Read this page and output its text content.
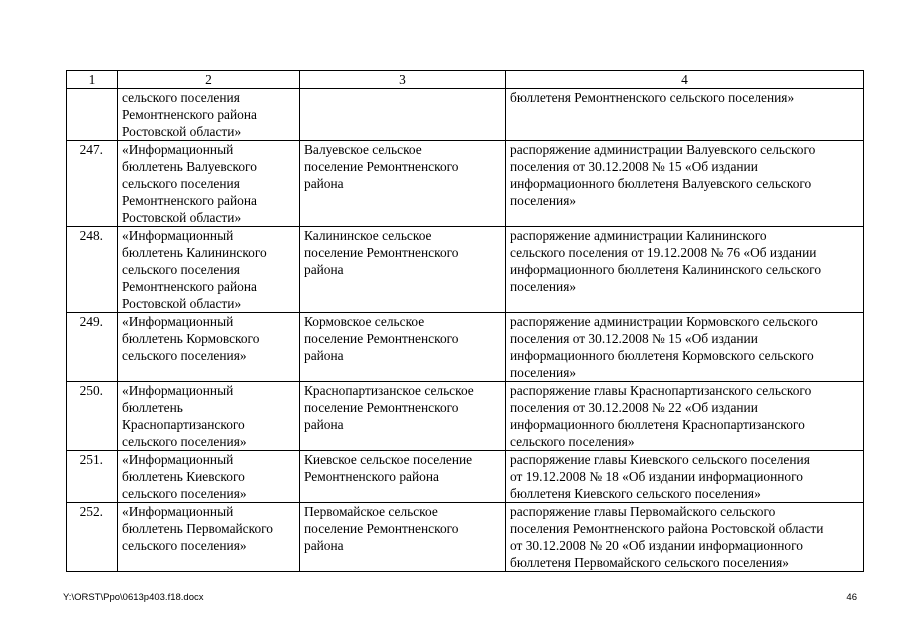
1	2	3	4
	сельского поселения
Ремонтненского района
Ростовской области»		бюллетеня Ремонтненского сельского поселения»
247.	«Информационный
бюллетень Валуевского
сельского поселения
Ремонтненского района
Ростовской области»	Валуевское сельское
поселение Ремонтненского
района	распоряжение администрации Валуевского сельского
поселения от 30.12.2008 № 15 «Об издании
информационного бюллетеня Валуевского сельского
поселения»
248.	«Информационный
бюллетень Калининского
сельского поселения
Ремонтненского района
Ростовской области»	Калининское сельское
поселение Ремонтненского
района	распоряжение администрации Калининского
сельского поселения от 19.12.2008 № 76 «Об издании
информационного бюллетеня Калининского сельского
поселения»
249.	«Информационный
бюллетень Кормовского
сельского поселения»	Кормовское сельское
поселение Ремонтненского
района	распоряжение администрации Кормовского сельского
поселения от 30.12.2008 № 15 «Об издании
информационного бюллетеня Кормовского сельского
поселения»
250.	«Информационный
бюллетень
Краснопартизанского
сельского поселения»	Краснопартизанское сельское
поселение Ремонтненского
района	распоряжение главы Краснопартизанского сельского
поселения от 30.12.2008 № 22 «Об издании
информационного бюллетеня Краснопартизанского
сельского поселения»
251.	«Информационный
бюллетень Киевского
сельского поселения»	Киевское сельское поселение
Ремонтненского района	распоряжение главы Киевского сельского поселения
от 19.12.2008 № 18 «Об издании информационного
бюллетеня Киевского сельского поселения»
252.	«Информационный
бюллетень Первомайского
сельского поселения»	Первомайское сельское
поселение Ремонтненского
района	распоряжение главы Первомайского сельского
поселения Ремонтненского района Ростовской области
от 30.12.2008 № 20 «Об издании информационного
бюллетеня Первомайского сельского поселения»
Y:\ORST\Ppo\0613p403.f18.docx	46
